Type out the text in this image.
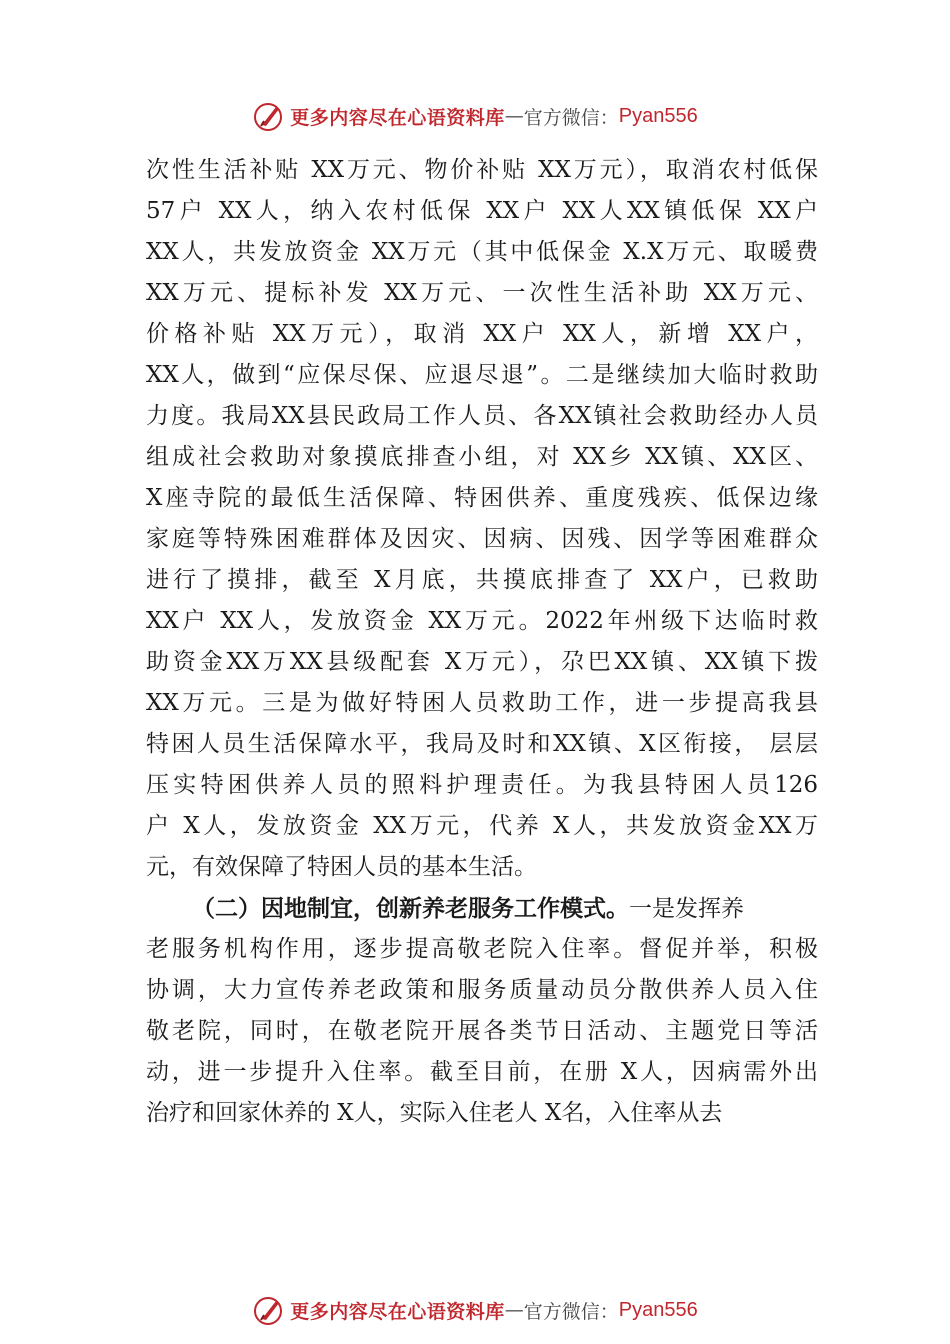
更多内容尽在心语资料库 — 官方微信： Pyan556
次性生活补贴 XX万元、物价补贴 XX万元），取消农村低保
57户 XX人，纳入农村低保 XX户 XX人XX镇低保 XX户
XX人，共发放资金 XX万元（其中低保金 X.X万元、取暖费
XX万元、提标补发 XX万元、一次性生活补助 XX万元、
价格补贴 XX万元），取消 XX户 XX人，新增 XX户，
XX人，做到“应保尽保、应退尽退”。二是继续加大临时救助
力度。我局XX县民政局工作人员、各XX镇社会救助经办人员
组成社会救助对象摸底排查小组，对 XX乡 XX镇、XX区、
X座寺院的最低生活保障、特困供养、重度残疾、低保边缘
家庭等特殊困难群体及因灾、因病、因残、因学等困难群众
进行了摸排，截至 X月底，共摸底排查了 XX户，已救助
XX户 XX人，发放资金 XX万元。2022年州级下达临时救
助资金XX万XX县级配套 X万元），尕巴XX镇、XX镇下拨
XX万元。三是为做好特困人员救助工作，进一步提高我县
特困人员生活保障水平，我局及时和XX镇、X区衔接， 层层
压实特困供养人员的照料护理责任。为我县特困人员126
户 X人，发放资金 XX万元，代养 X人，共发放资金XX万
元，有效保障了特困人员的基本生活。
（二）因地制宜，创新养老服务工作模式。一是发挥养
老服务机构作用，逐步提高敬老院入住率。督促并举，积极
协调，大力宣传养老政策和服务质量动员分散供养人员入住
敬老院，同时，在敬老院开展各类节日活动、主题党日等活
动，进一步提升入住率。截至目前，在册 X人，因病需外出
治疗和回家休养的 X人，实际入住老人 X名，入住率从去
更多内容尽在心语资料库 — 官方微信： Pyan556
